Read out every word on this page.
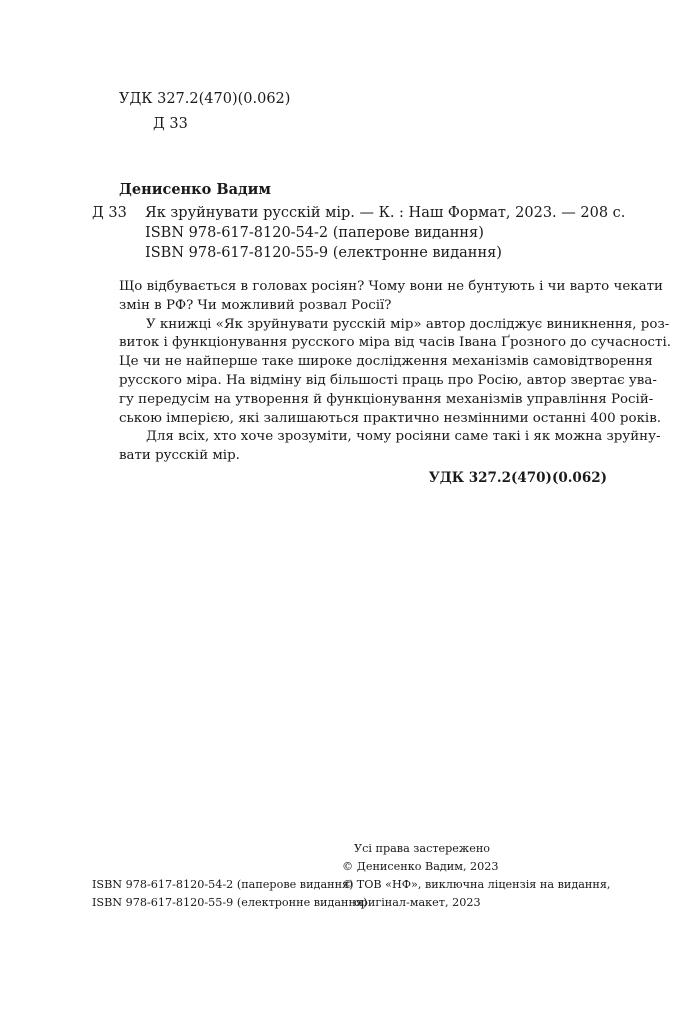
УДК 327.2(470)(0.062)
Д 33
Денисенко Вадим
Д 33 Як зруйнувати русскій мір. — К. : Наш Формат, 2023. — 208 с.
ISBN 978-617-8120-54-2 (паперове видання)
ISBN 978-617-8120-55-9 (електронне видання)
Що відбувається в головах росіян? Чому вони не бунтують і чи варто чекати
змін в РФ? Чи можливий розвал Росії?
У книжці «Як зруйнувати русскій мір» автор досліджує виникнення, роз-
виток і функціонування русского міра від часів Івана Ґрозного до сучасності.
Це чи не найперше таке широке дослідження механізмів самовідтворення
русского міра. На відміну від більшості праць про Росію, автор звертає ува-
гу передусім на утворення й функціонування механізмів управління Росій-
ською імперією, які залишаються практично незмінними останні 400 років.
Для всіх, хто хоче зрозуміти, чому росіяни саме такі і як можна зруйну-
вати русскій мір.
УДК 327.2(470)(0.062)
Усі права застережено
© Денисенко Вадим, 2023
© ТОВ «НФ», виключна ліцензія на видання,
оригінал-макет, 2023
ISBN 978-617-8120-54-2 (паперове видання)
ISBN 978-617-8120-55-9 (електронне видання)
